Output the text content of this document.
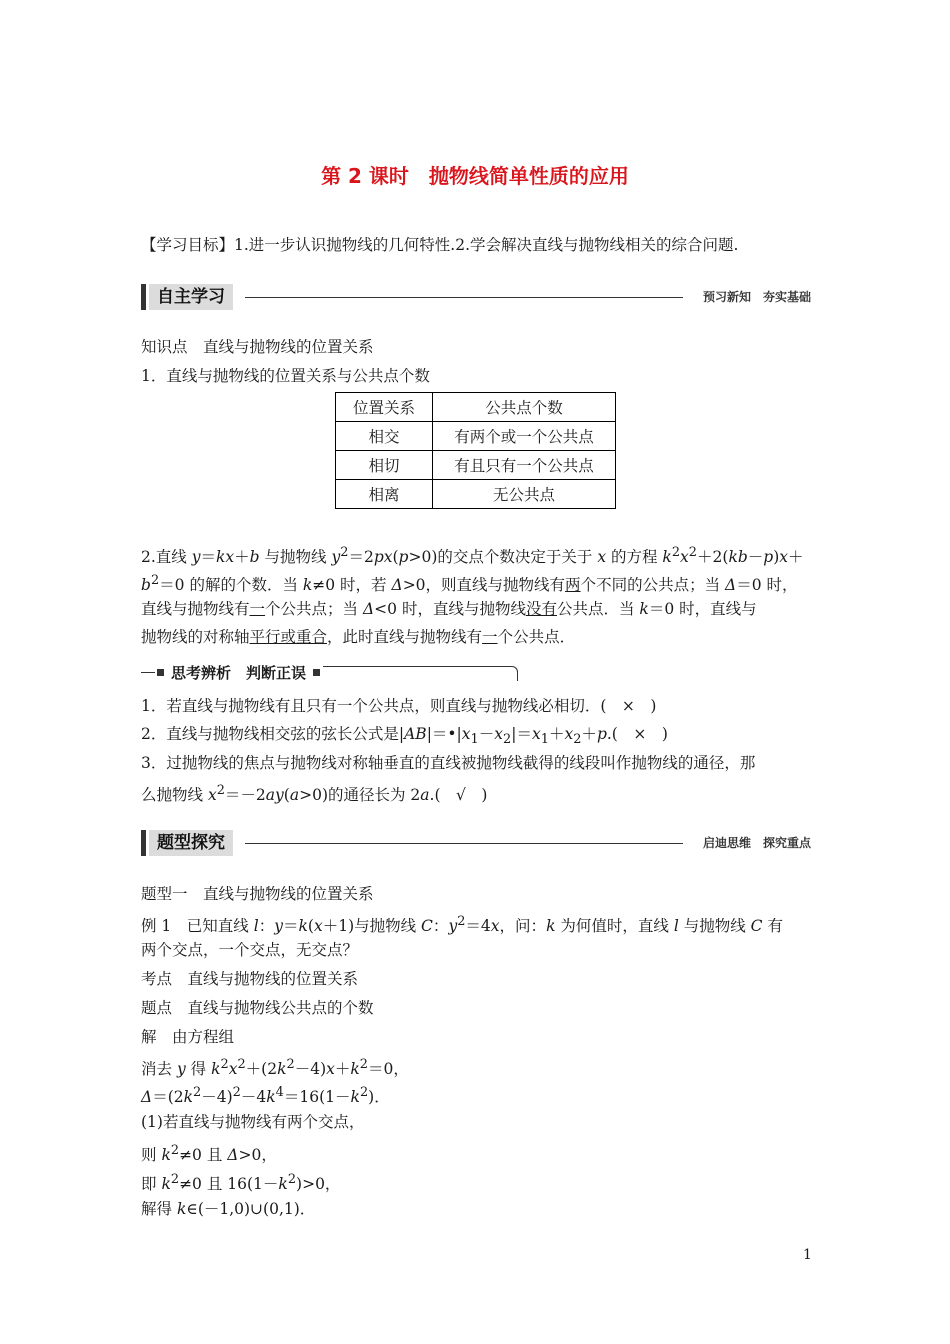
第 2 课时　抛物线简单性质的应用
【学习目标】1.进一步认识抛物线的几何特性.2.学会解决直线与抛物线相关的综合问题.
自主学习	预习新知　夯实基础
知识点　直线与抛物线的位置关系
1．直线与抛物线的位置关系与公共点个数
位置关系	公共点个数
相交	有两个或一个公共点
相切	有且只有一个公共点
相离	无公共点
2.直线 y＝kx＋b 与抛物线 $y^2=2px(p>0)$的交点个数决定于关于 x 的方程 $k^2x^2+2(kb-p)x+$
$b^2=0$ 的解的个数．当 k≠0 时，若 Δ>0，则直线与抛物线有两个不同的公共点；当 Δ＝0 时，
直线与抛物线有一个公共点；当 Δ<0 时，直线与抛物线没有公共点．当 k＝0 时，直线与
抛物线的对称轴平行或重合，此时直线与抛物线有一个公共点．
思考辨析　判断正误
1．若直线与抛物线有且只有一个公共点，则直线与抛物线必相切．(　×　)
2．直线与抛物线相交弦的弦长公式是$|AB|=•|x_1-x_2|=x_1+x_2+p$.(　×　)
3．过抛物线的焦点与抛物线对称轴垂直的直线被抛物线截得的线段叫作抛物线的通径，那
么抛物线 $x^2=-2ay(a>0)$的通径长为 2a.(　√　)
题型探究	启迪思维　探究重点
题型一　直线与抛物线的位置关系
例 1　已知直线 l：y＝k(x＋1)与抛物线 C：$y^2=4x$，问：k 为何值时，直线 l 与抛物线 C 有
两个交点，一个交点，无交点？
考点　直线与抛物线的位置关系
题点　直线与抛物线公共点的个数
解　由方程组
消去 y 得 $k^2x^2+(2k^2-4)x+k^2=0$，
$\Delta=(2k^2-4)^2-4k^4=16(1-k^2)$．
(1)若直线与抛物线有两个交点，
则 $k^2\ne 0$ 且 Δ>0，
即 $k^2\ne 0$ 且 $16(1-k^2)>0$，
解得 k∈(－1,0)∪(0,1)．
1
